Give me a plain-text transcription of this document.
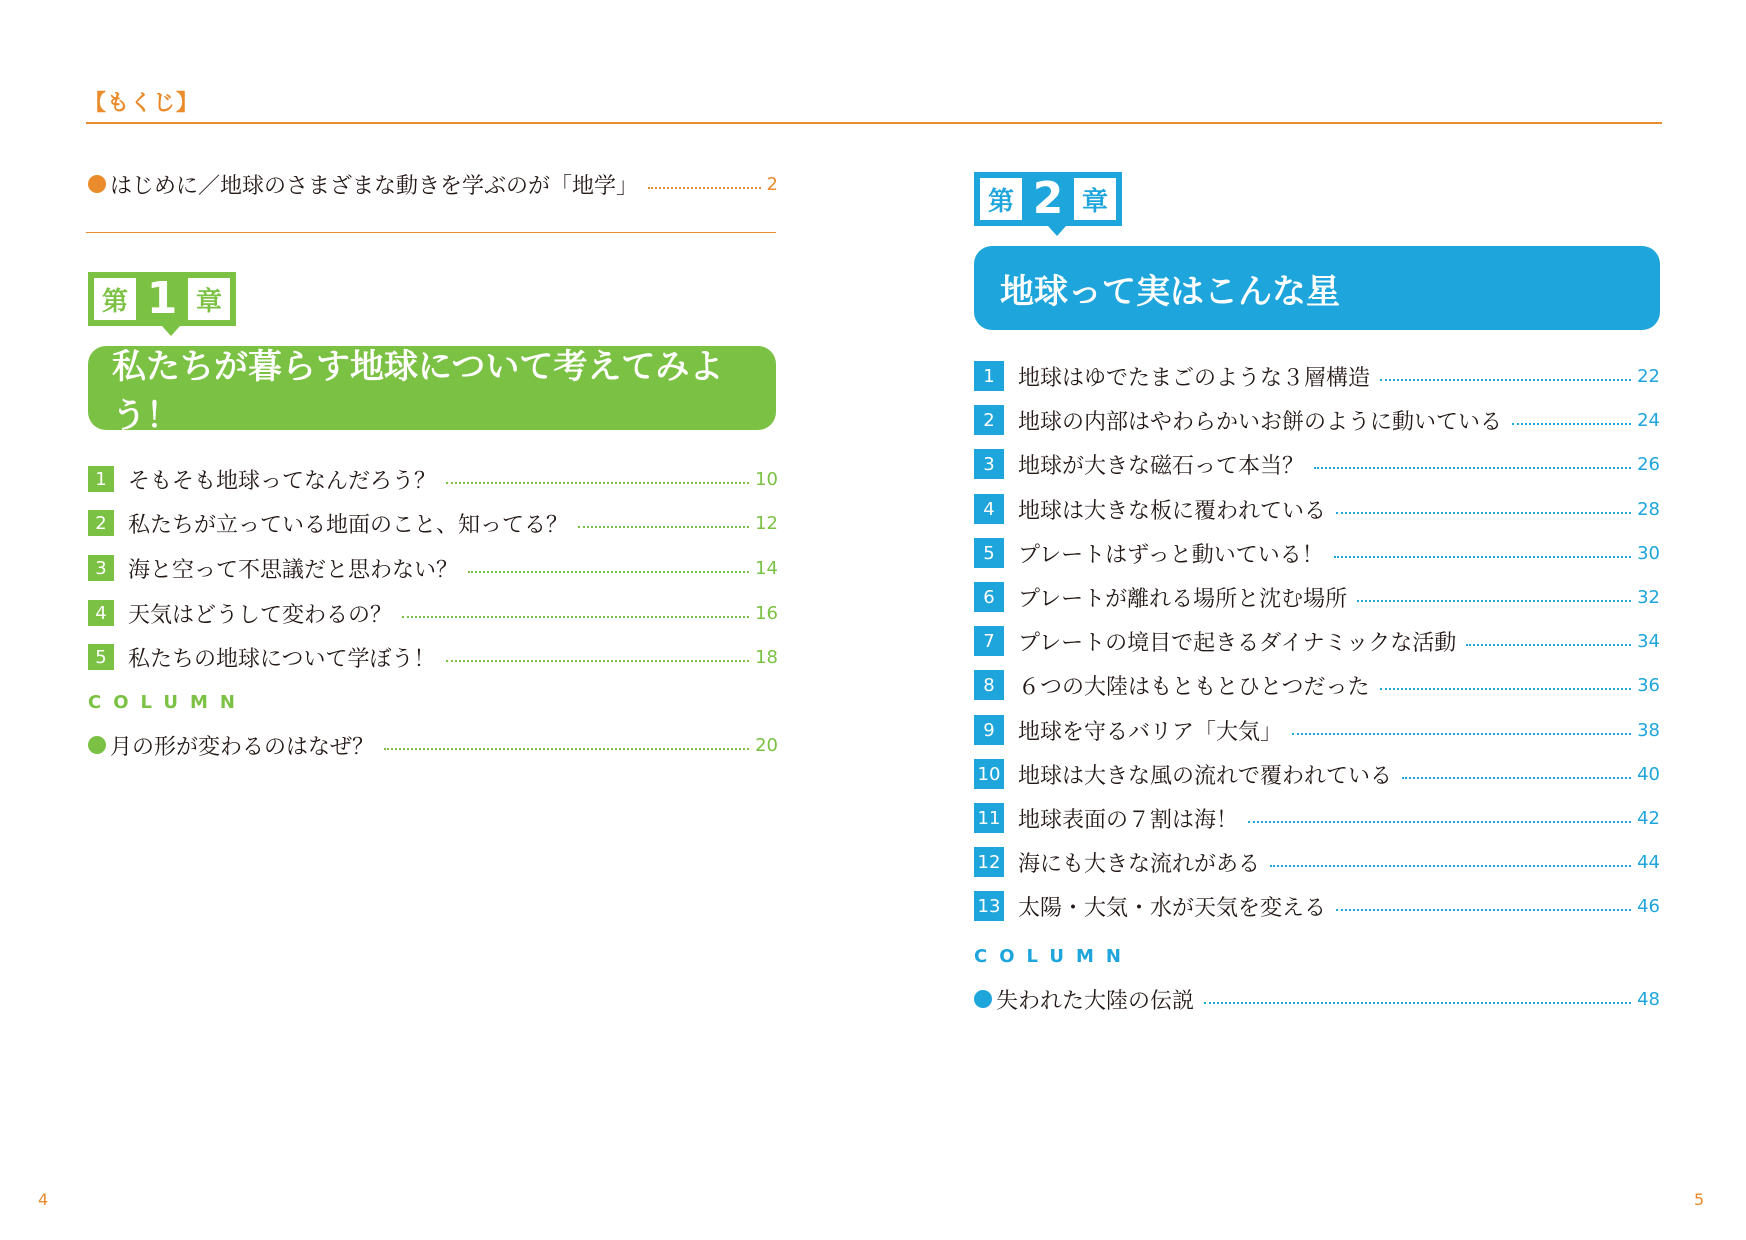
【もくじ】
はじめに／地球のさまざまな動きを学ぶのが「地学」	2
第 1 章
私たちが暮らす地球について考えてみよう！
1 そもそも地球ってなんだろう？	10
2 私たちが立っている地面のこと、知ってる？	12
3 海と空って不思議だと思わない？	14
4 天気はどうして変わるの？	16
5 私たちの地球について学ぼう！	18
COLUMN
月の形が変わるのはなぜ？	20
第 2 章
地球って実はこんな星
1	地球はゆでたまごのような３層構造	22
2	地球の内部はやわらかいお餅のように動いている	24
3	地球が大きな磁石って本当？	26
4	地球は大きな板に覆われている	28
5	プレートはずっと動いている！	30
6	プレートが離れる場所と沈む場所	32
7	プレートの境目で起きるダイナミックな活動	34
8	６つの大陸はもともとひとつだった	36
9	地球を守るバリア「大気」	38
10 地球は大きな風の流れで覆われている	40
11 地球表面の７割は海！	42
12 海にも大きな流れがある	44
13 太陽・大気・水が天気を変える	46
COLUMN
失われた大陸の伝説	48
4	5
